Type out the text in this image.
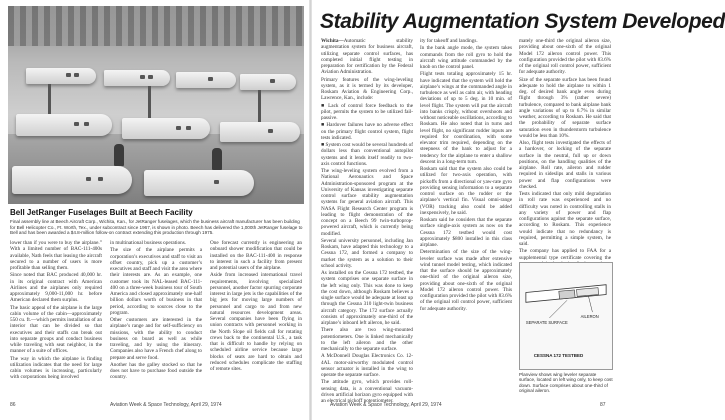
Bell JetRanger Fuselages Built at Beech Facility
Final assembly line at Beech Aircraft Corp., Wichita, Kan., for JetRanger fuselages, which the business aircraft manufacturer has been building for Bell Helicopter Co., Ft. Worth, Tex., under subcontract since 1967, is shown in photo. Beech has delivered the 1,000th JetRanger fuselage to Bell and has been awarded a $4.8-million follow-on contract extending this production through 1975.

lower than if you were to buy the airplane.” With a limited number of BAC-111-400s available, Nath feels that leasing the aircraft secured to a number of users is more profitable than selling them.

Since noted that BAC produced 40,000 hr. in its original contract with American Airlines and the airplanes only required approximately 9,000-11,000 hr. before American declared them surplus.

The basic appeal of the airplane is the large cabin volume of the cabin—approximately 550 cu. ft.—which permits installation of an interior that can be divided so that executives and their staffs can break out into separate groups and conduct business while traveling with seat neighbor, in the manner of a suite of offices.

The way in which the airplane is finding utilization indicates that the need for large cabin volumes is increasing, particularly with corporations being involved

in multinational business operations.

The size of the airplane permits a corporation’s executives and staff to visit an offset country, pick up a customer’s executives and staff and visit the area where their interests are. As an example, one customer took its NAL-leased BAC-111-400 on a three-week business tour of South America and closed approximately one-half billion dollars worth of business in that period, according to sources close to the program.

Other customers are interested in the airplane’s range and for self-sufficiency on missions, with the ability to conduct business on board as well as while traveling, and by using the itinerary. Companies also have a French chef along to prepare and serve food.

Another has the galley stocked so that he does not have to purchase food outside the country.

One forecast currently is engineering an onboard shower modification that could be installed on the BAC-111-400 in response to interest in such a facility from present and potential users of the airplane.

Aside from increased international travel requirements, involving specialized personnel, another factor spurring corporate interest in large jets is the capabilities of the big jets for moving large numbers of personnel and cargo to and from new natural resources development areas. Several companies have been flying in union contracts with personnel working in the North Slope oil fields call for rotating crews back to the continental U.S., a task that is difficult to handle by relying on scheduled airline service because large blocks of seats are hard to obtain and reduced schedules complicate the staffing of remote sites.

86	Aviation Week & Space Technology, April 29, 1974
Stability Augmentation System Developed

Wichita—Automatic stability augmentation system for business aircraft, utilizing separate control surfaces, has completed initial flight testing in preparation for certification by the Federal Aviation Administration.

Primary features of the wing-leveling system, as it is termed by its developer, Roskam Aviation & Engineering Corp., Lawrence, Kan., include:

■ Lack of control force feedback to the pilot, permits the system to be utilized fail-passive.

■ Hardover failures have no adverse effect on the primary flight control system, flight tests indicated.

■ System cost would be several hundreds of dollars less than conventional autopilot systems and it lends itself readily to two-axis control functions.

The wing-leveling system evolved from a National Aeronautics and Space Administration-sponsored program at the University of Kansas investigating separate control surface stability augmentation systems for general aviation aircraft. This NASA Flight Research Center program is leading to flight demonstration of the concept on a Beech 99 twin-turboprop-powered aircraft, which is currently being modified.

Several university personnel, including Jan Roskam, have adapted this technology to a Cessna 172, and formed a company to market the system as a solution to their school activity.

As installed on the Cessna 172 testbed, the system comprises one separate surface in the left wing only. This was done to keep the cost down, although Roskam believes a single surface would be adequate at least up through the Cessna 310 light-twin business aircraft category. The 172 surface actually consists of approximately one-third of the airplane’s inboard left aileron, he said.

There also are two wing-mounted potentiometers. One is linked mechanically to the left aileron and the other mechanically to the separate surface.

A McDonnell Douglas Electronics Co. 12-4AL motor-airworthy modulated control sensor actuator is installed in the wing to operate the separate surface.

The attitude gyro, which provides roll-sensing data, is a conventional vacuum-driven artificial horizon gyro equipped with an electrical pickoff potentiometer.

ity for takeoff and landings.

In the bank angle mode, the system takes commands from the roll gyro to hold the aircraft wing attitude commanded by the knob on the control panel.

Flight tests totaling approximately 15 hr. have indicated that the system will hold the airplane’s wings at the commanded angle in turbulence as well as calm air, with heading deviations of up to 5 deg. in 10 min. of level flight. The system will put the aircraft into banks crisply, without overshoots and without noticeable oscillations, according to Roskam. He also noted that in turns and level flight, no significant rudder inputs are required for coordination, with some elevator trim required, depending on the steepness of the bank to adjust for a tendency for the airplane to enter a shallow descent in a long-term turn.

Roskam said that the system also could be utilized for two-axis operation, with pickoffs from a directional or yaw-rate gyro providing sensing information to a separate control surface on the rudder or the airplane’s vertical fin. Visual omni-range (VOR) tracking also could be added inexpensively, he said.

Roskam said he considers that the separate surface single-axis system as now on the Cessna 172 testbed would cost approximately $800 installed in this class airplane.

Determination of the size of the wing-leveler surface was made after extensive wind tunnel model testing, which indicated that the surface should be approximately one-third of the original aileron size, providing about one-sixth of the original Model 172 aileron control power. This configuration provided the pilot with 83.6% of the original roll control power, sufficient for adequate authority.

mately one-third the original aileron size, providing about one-sixth of the original Model 172 aileron control power. This configuration provided the pilot with 83.6% of the original roll control power, sufficient for adequate authority.

Size of the separate surface has been found adequate to hold the airplane to within 1 deg. of desired bank angle even during flight through 3% (rather severe) turbulence, compared to bank airplane bank angle variations of up to 6.7% in similar weather, according to Roskam. He said that the probability of separate surface saturation even in thunderstorm turbulence would be less than 10%.

Also, flight tests investigated the effects of a hardover, or locking of the separate surface in the neutral, full up or down positions, on the handling qualities of the airplane. Roll rate, aileron and rudder required in sideslips and stalls in various power and flap configurations were checked.

Tests indicated that only mild degradation in roll rate was experienced and no difficulty was noted in controlling stalls in any variety of power and flap configurations against the separate surface, according to Roskam. This experience would indicate that no redundancy is required, permitting a simple system, he said.

The company has applied to FAA for a supplemental type certificate covering the

SEPARATE SURFACE
AILERON
CESSNA 172 TESTBED
Planview shows wing leveler separate surface, located on left wing only, to keep cost down. Surface comprises about one-third of original aileron.
Aviation Week & Space Technology, April 29, 1974	87
